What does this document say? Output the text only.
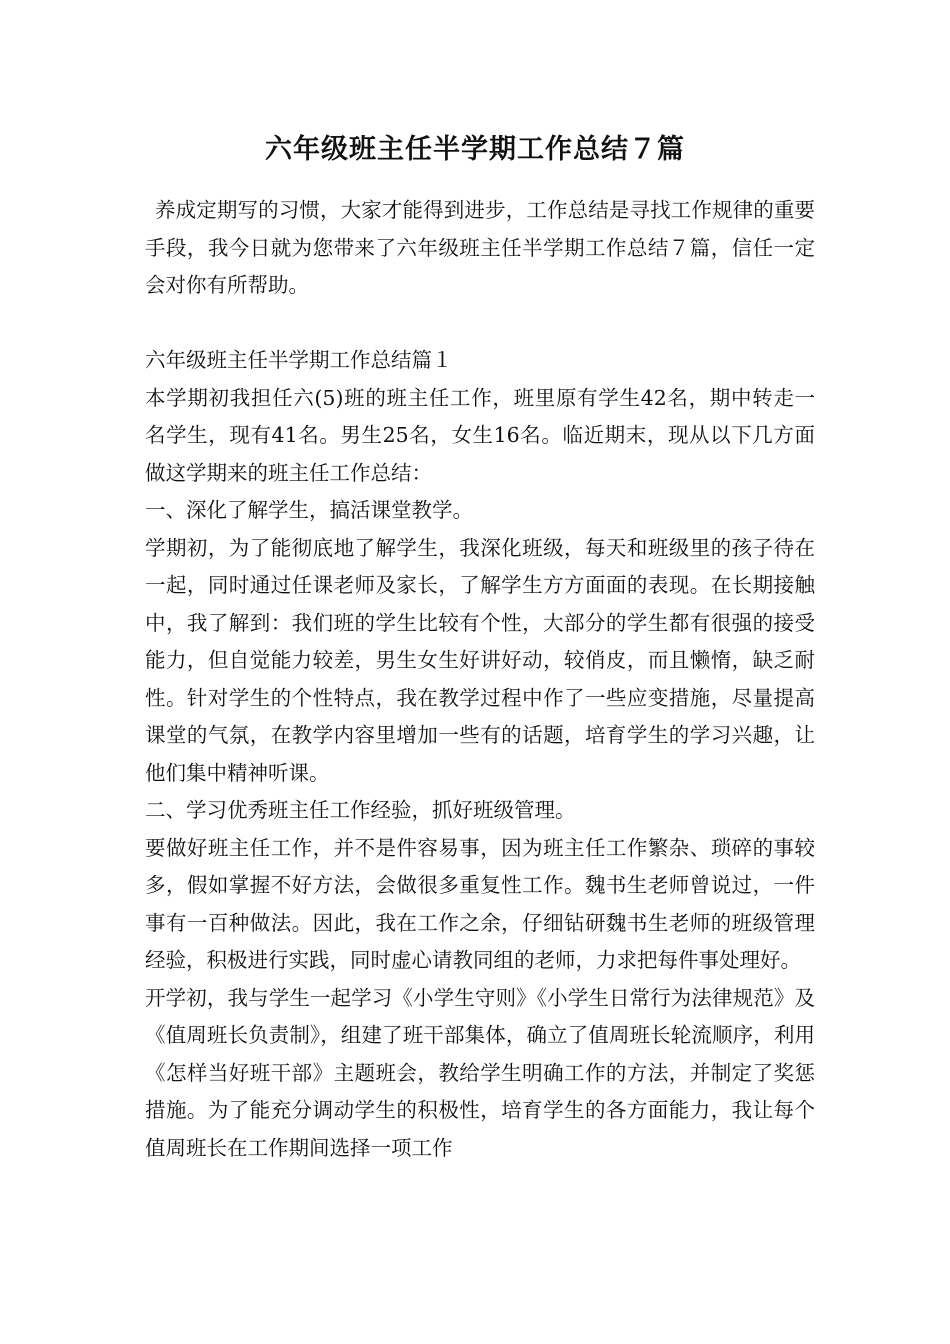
六年级班主任半学期工作总结７篇

养成定期写的习惯，大家才能得到进步，工作总结是寻找工作规律的重要手段，我今日就为您带来了六年级班主任半学期工作总结７篇，信任一定会对你有所帮助。

六年级班主任半学期工作总结篇１

本学期初我担任六(5)班的班主任工作，班里原有学生42名，期中转走一名学生，现有41名。男生25名，女生16名。临近期末，现从以下几方面做这学期来的班主任工作总结：

一、深化了解学生，搞活课堂教学。

学期初，为了能彻底地了解学生，我深化班级，每天和班级里的孩子待在一起，同时通过任课老师及家长，了解学生方方面面的表现。在长期接触中，我了解到：我们班的学生比较有个性，大部分的学生都有很强的接受能力，但自觉能力较差，男生女生好讲好动，较俏皮，而且懒惰，缺乏耐性。针对学生的个性特点，我在教学过程中作了一些应变措施，尽量提高课堂的气氛，在教学内容里增加一些有的话题，培育学生的学习兴趣，让他们集中精神听课。

二、学习优秀班主任工作经验，抓好班级管理。

要做好班主任工作，并不是件容易事，因为班主任工作繁杂、琐碎的事较多，假如掌握不好方法，会做很多重复性工作。魏书生老师曾说过，一件事有一百种做法。因此，我在工作之余，仔细钻研魏书生老师的班级管理经验，积极进行实践，同时虚心请教同组的老师，力求把每件事处理好。

开学初，我与学生一起学习《小学生守则》《小学生日常行为法律规范》及《值周班长负责制》，组建了班干部集体，确立了值周班长轮流顺序，利用《怎样当好班干部》主题班会，教给学生明确工作的方法，并制定了奖惩措施。为了能充分调动学生的积极性，培育学生的各方面能力，我让每个值周班长在工作期间选择一项工作
